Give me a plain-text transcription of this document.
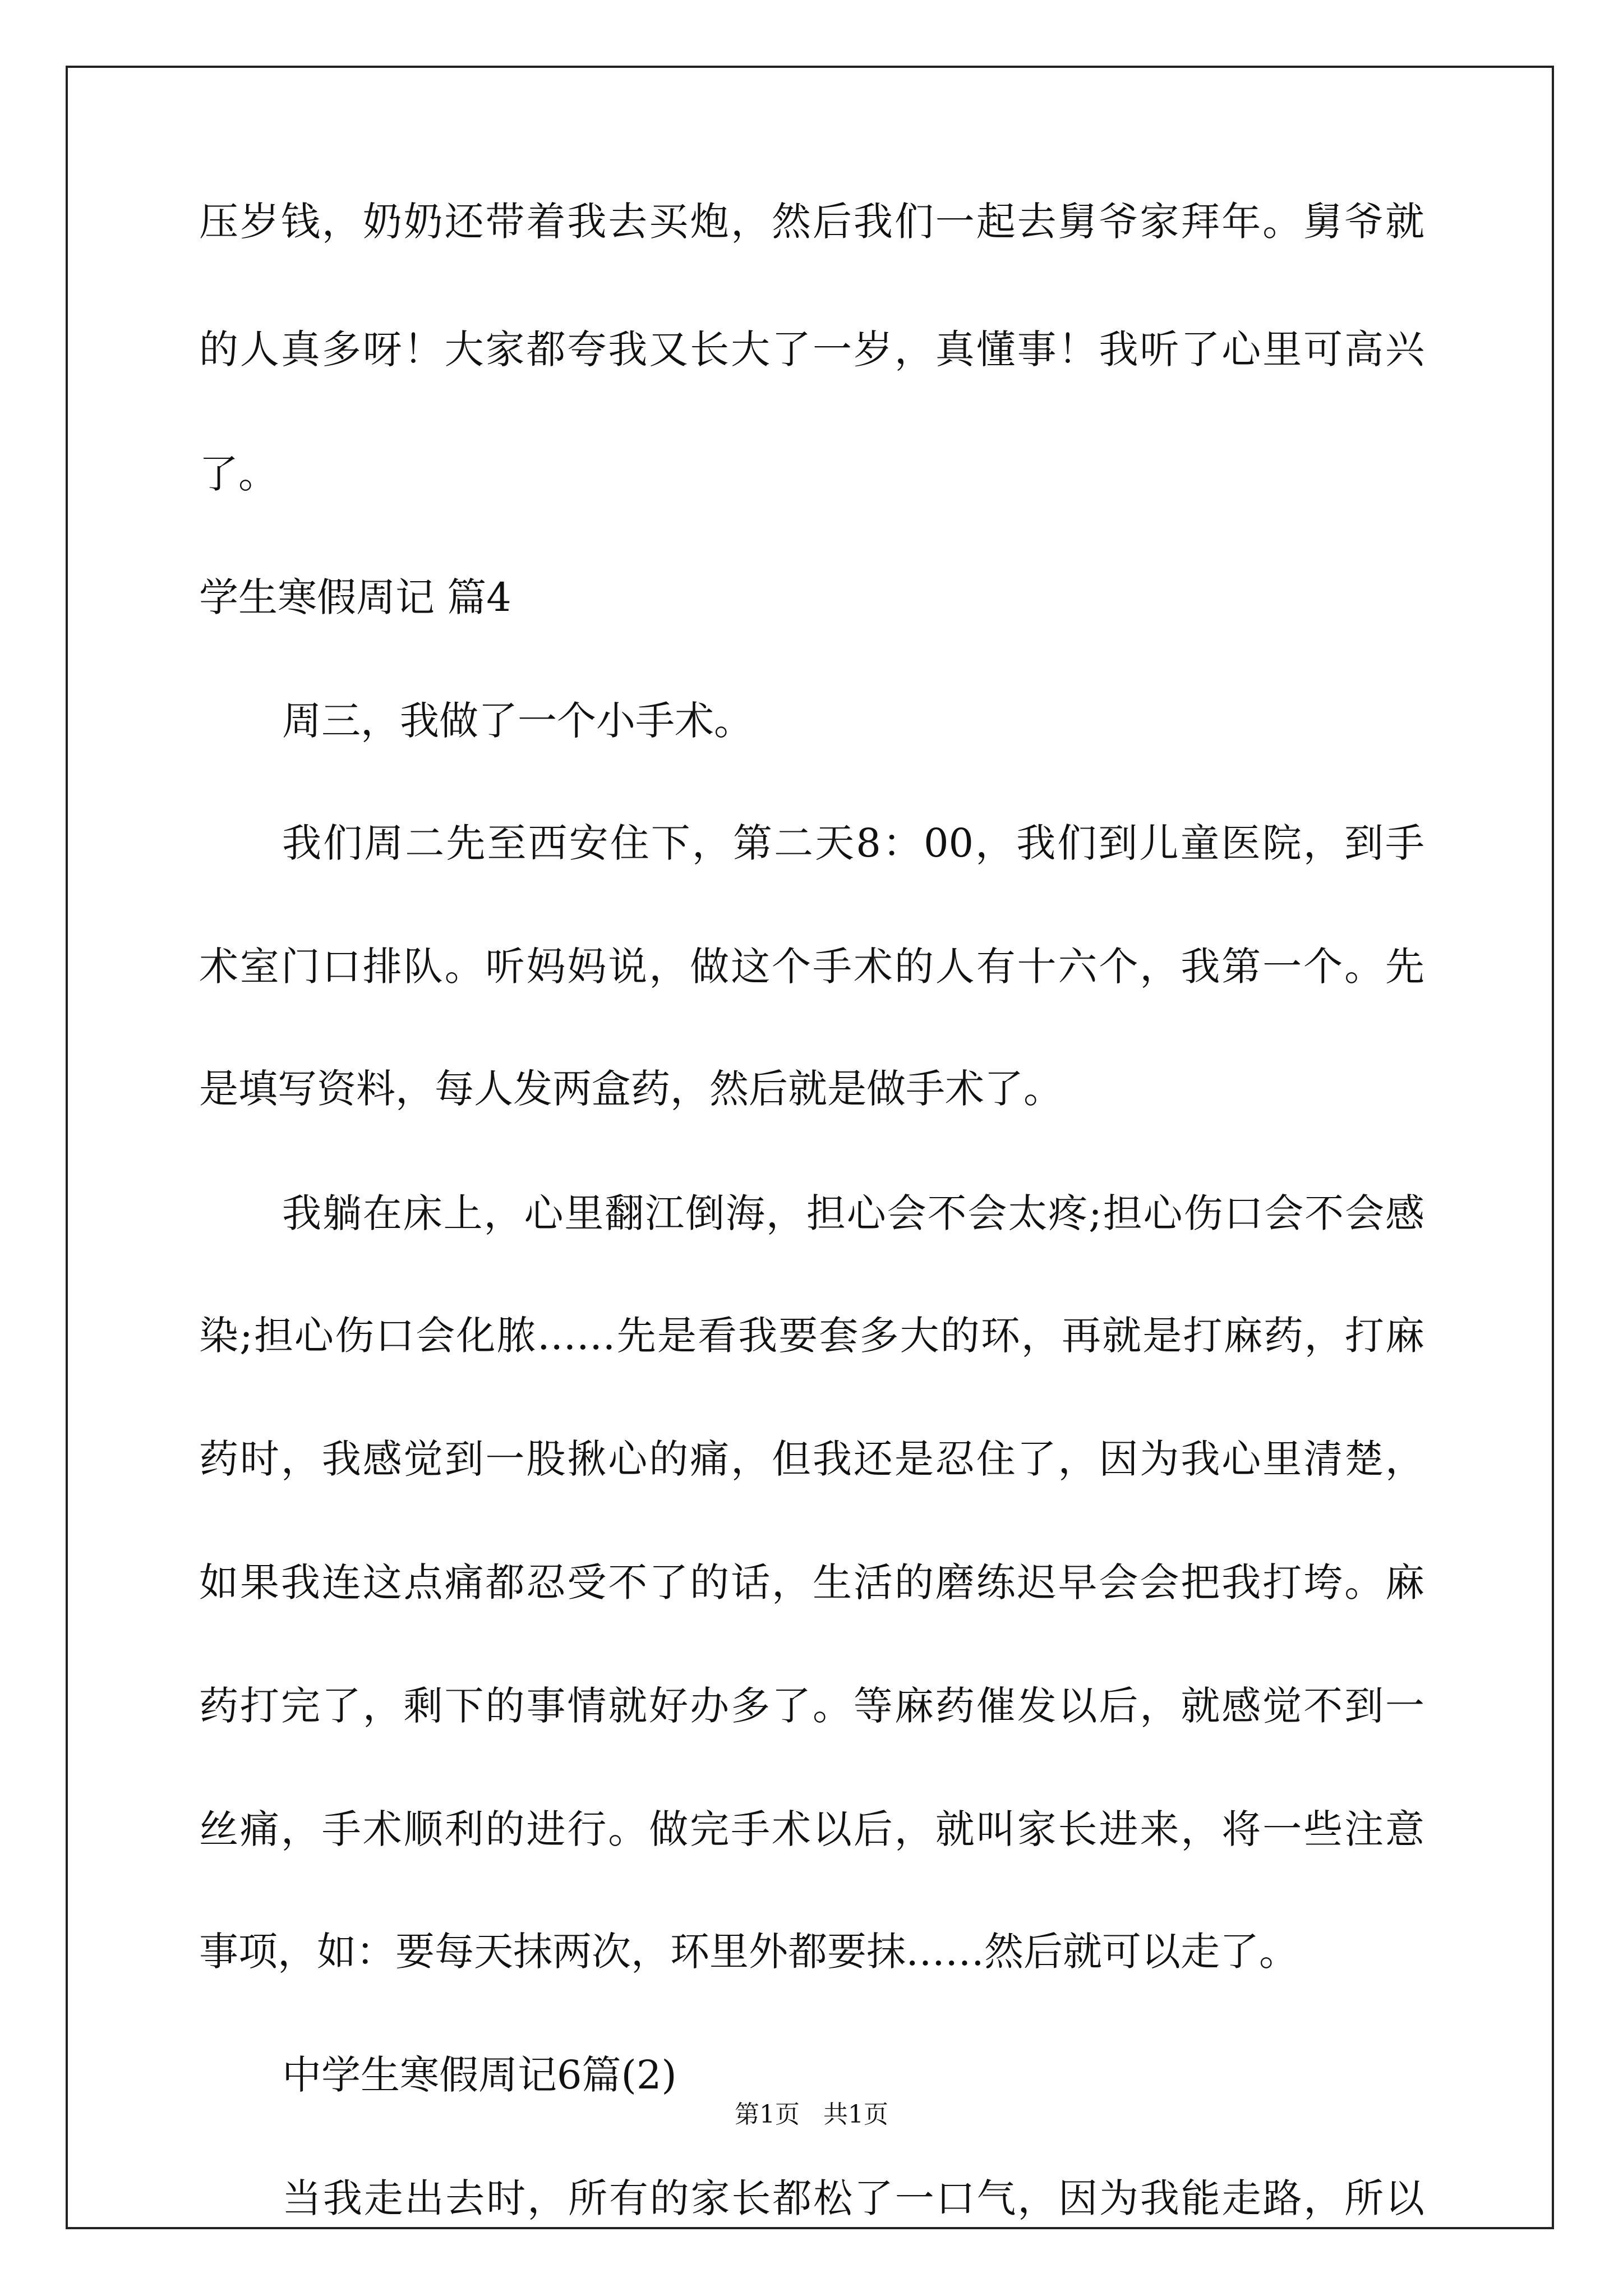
压岁钱，奶奶还带着我去买炮，然后我们一起去舅爷家拜年。舅爷就
的人真多呀！大家都夸我又长大了一岁，真懂事！我听了心里可高兴
了。
学生寒假周记 篇4
周三，我做了一个小手术。
我们周二先至西安住下，第二天8：00，我们到儿童医院，到手
术室门口排队。听妈妈说，做这个手术的人有十六个，我第一个。先
是填写资料，每人发两盒药，然后就是做手术了。
我躺在床上，心里翻江倒海，担心会不会太疼;担心伤口会不会感
染;担心伤口会化脓……先是看我要套多大的环，再就是打麻药，打麻
药时，我感觉到一股揪心的痛，但我还是忍住了，因为我心里清楚，
如果我连这点痛都忍受不了的话，生活的磨练迟早会会把我打垮。麻
药打完了，剩下的事情就好办多了。等麻药催发以后，就感觉不到一
丝痛，手术顺利的进行。做完手术以后，就叫家长进来，将一些注意
事项，如：要每天抹两次，环里外都要抹……然后就可以走了。
中学生寒假周记6篇(2)
当我走出去时，所有的家长都松了一口气，因为我能走路，所以
第1页   共1页
